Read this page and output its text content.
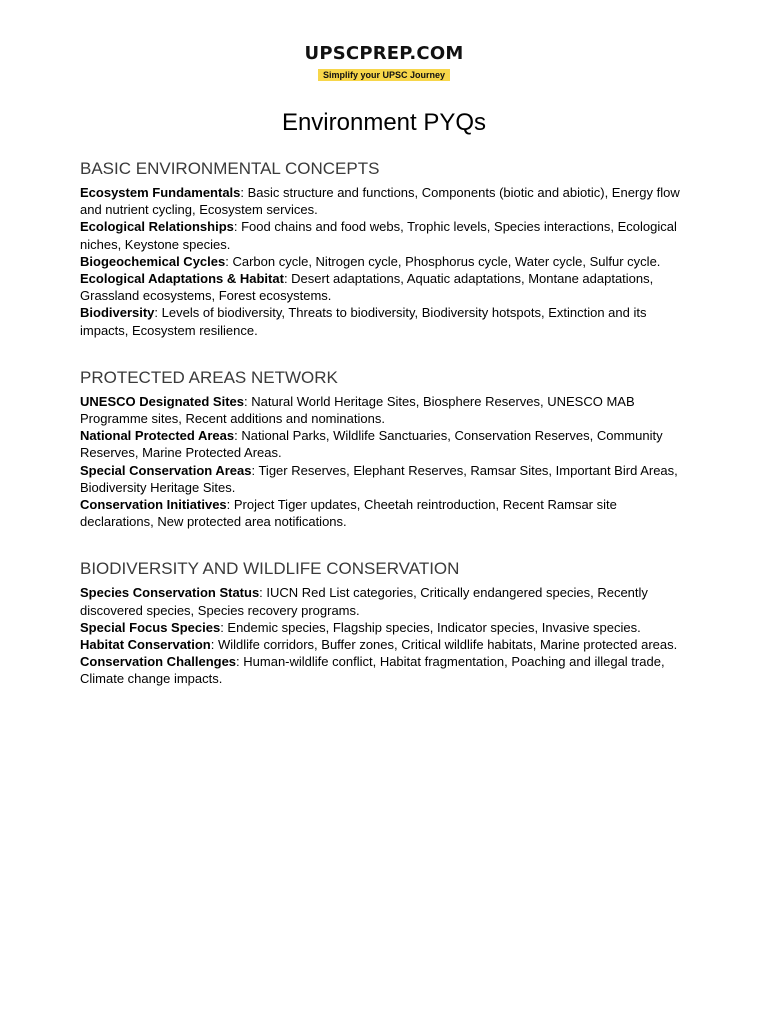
UPSCPREP.COM
Simplify your UPSC Journey
Environment PYQs
BASIC ENVIRONMENTAL CONCEPTS

Ecosystem Fundamentals: Basic structure and functions, Components (biotic and abiotic), Energy flow and nutrient cycling, Ecosystem services.

Ecological Relationships: Food chains and food webs, Trophic levels, Species interactions, Ecological niches, Keystone species.

Biogeochemical Cycles: Carbon cycle, Nitrogen cycle, Phosphorus cycle, Water cycle, Sulfur cycle.

Ecological Adaptations & Habitat: Desert adaptations, Aquatic adaptations, Montane adaptations, Grassland ecosystems, Forest ecosystems.

Biodiversity: Levels of biodiversity, Threats to biodiversity, Biodiversity hotspots, Extinction and its impacts, Ecosystem resilience.

PROTECTED AREAS NETWORK

UNESCO Designated Sites: Natural World Heritage Sites, Biosphere Reserves, UNESCO MAB Programme sites, Recent additions and nominations.

National Protected Areas: National Parks, Wildlife Sanctuaries, Conservation Reserves, Community Reserves, Marine Protected Areas.

Special Conservation Areas: Tiger Reserves, Elephant Reserves, Ramsar Sites, Important Bird Areas, Biodiversity Heritage Sites.

Conservation Initiatives: Project Tiger updates, Cheetah reintroduction, Recent Ramsar site declarations, New protected area notifications.

BIODIVERSITY AND WILDLIFE CONSERVATION

Species Conservation Status: IUCN Red List categories, Critically endangered species, Recently discovered species, Species recovery programs.

Special Focus Species: Endemic species, Flagship species, Indicator species, Invasive species.

Habitat Conservation: Wildlife corridors, Buffer zones, Critical wildlife habitats, Marine protected areas.

Conservation Challenges: Human-wildlife conflict, Habitat fragmentation, Poaching and illegal trade, Climate change impacts.
